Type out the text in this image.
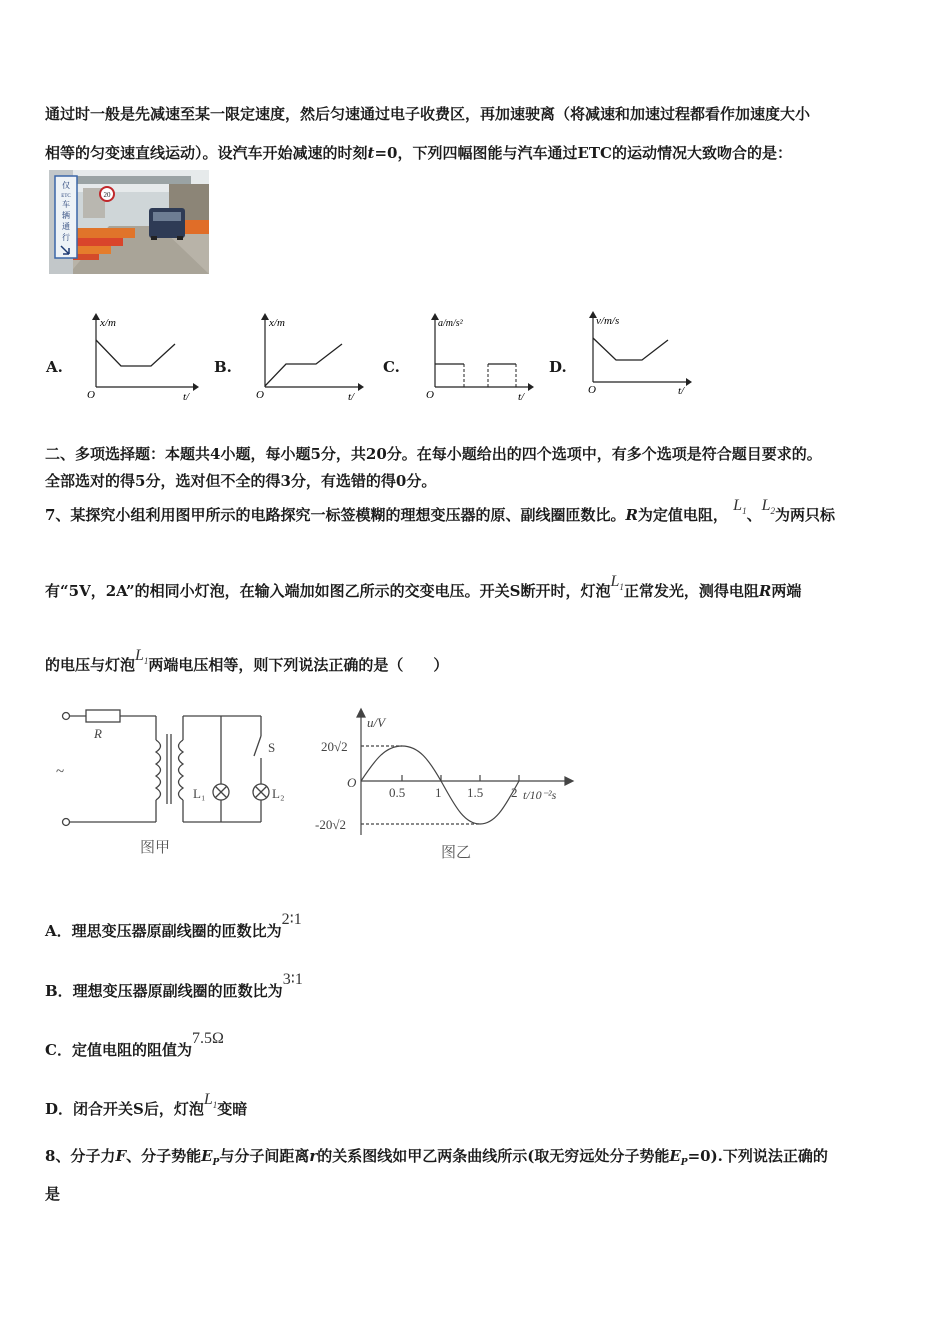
通过时一般是先减速至某一限定速度，然后匀速通过电子收费区，再加速驶离（将减速和加速过程都看作加速度大小
相等的匀变速直线运动）。设汽车开始减速的时刻t=0，下列四幅图能与汽车通过ETC的运动情况大致吻合的是：
仅
ETC
车
辆
通
行
20
A.
x/m
O	t/
B.
x/m
O	t/
C.
a/m/s²
O	t/
D.
v/m/s
O	t/
二、多项选择题：本题共4小题，每小题5分，共20分。在每小题给出的四个选项中，有多个选项是符合题目要求的。
全部选对的得5分，选对但不全的得3分，有选错的得0分。
7、某探究小组利用图甲所示的电路探究一标签模糊的理想变压器的原、副线圈匝数比。R为定值电阻， $L_1$、$L_2$为两只标
有“5V，2A”的相同小灯泡，在输入端加如图乙所示的交变电压。开关S断开时，灯泡$L_1$正常发光，测得电阻R两端
的电压与灯泡$L_1$两端电压相等，则下列说法正确的是（　　）
R
S
L₁	L₂
~
图甲
u/V
20√2
-20√2
O
0.5 1 1.5 2 t/10⁻²s
图乙
A．理思变压器原副线圈的匝数比为2∶1
B．理想变压器原副线圈的匝数比为3∶1
C．定值电阻的阻值为7.5Ω
D．闭合开关S后，灯泡$L_1$变暗
8、分子力F、分子势能$E_P$与分子间距离r的关系图线如甲乙两条曲线所示(取无穷远处分子势能$E_P=0$).下列说法正确的
是
